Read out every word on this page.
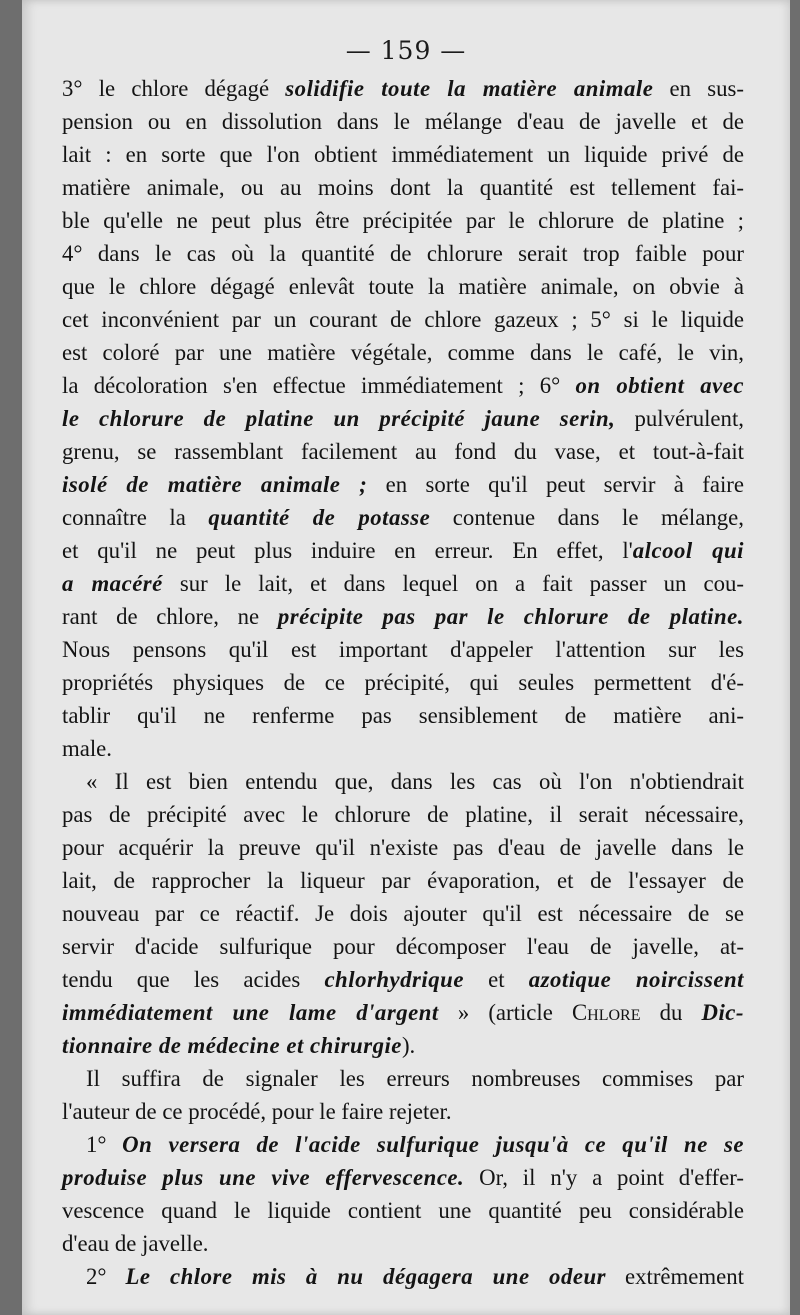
— 159 —
3° le chlore dégagé solidifie toute la matière animale en sus-
pension ou en dissolution dans le mélange d'eau de javelle et de
lait : en sorte que l'on obtient immédiatement un liquide privé de
matière animale, ou au moins dont la quantité est tellement fai-
ble qu'elle ne peut plus être précipitée par le chlorure de platine ;
4° dans le cas où la quantité de chlorure serait trop faible pour
que le chlore dégagé enlevât toute la matière animale, on obvie à
cet inconvénient par un courant de chlore gazeux ; 5° si le liquide
est coloré par une matière végétale, comme dans le café, le vin,
la décoloration s'en effectue immédiatement ; 6° on obtient avec
le chlorure de platine un précipité jaune serin, pulvérulent,
grenu, se rassemblant facilement au fond du vase, et tout-à-fait
isolé de matière animale ; en sorte qu'il peut servir à faire
connaître la quantité de potasse contenue dans le mélange,
et qu'il ne peut plus induire en erreur. En effet, l'alcool qui
a macéré sur le lait, et dans lequel on a fait passer un cou-
rant de chlore, ne précipite pas par le chlorure de platine.
Nous pensons qu'il est important d'appeler l'attention sur les
propriétés physiques de ce précipité, qui seules permettent d'é-
tablir qu'il ne renferme pas sensiblement de matière ani-
male.
« Il est bien entendu que, dans les cas où l'on n'obtiendrait
pas de précipité avec le chlorure de platine, il serait nécessaire,
pour acquérir la preuve qu'il n'existe pas d'eau de javelle dans le
lait, de rapprocher la liqueur par évaporation, et de l'essayer de
nouveau par ce réactif. Je dois ajouter qu'il est nécessaire de se
servir d'acide sulfurique pour décomposer l'eau de javelle, at-
tendu que les acides chlorhydrique et azotique noircissent
immédiatement une lame d'argent » (article Chlore du Dic-
tionnaire de médecine et chirurgie).
Il suffira de signaler les erreurs nombreuses commises par
l'auteur de ce procédé, pour le faire rejeter.
1° On versera de l'acide sulfurique jusqu'à ce qu'il ne se
produise plus une vive effervescence. Or, il n'y a point d'effer-
vescence quand le liquide contient une quantité peu considérable
d'eau de javelle.
2° Le chlore mis à nu dégagera une odeur extrêmement
